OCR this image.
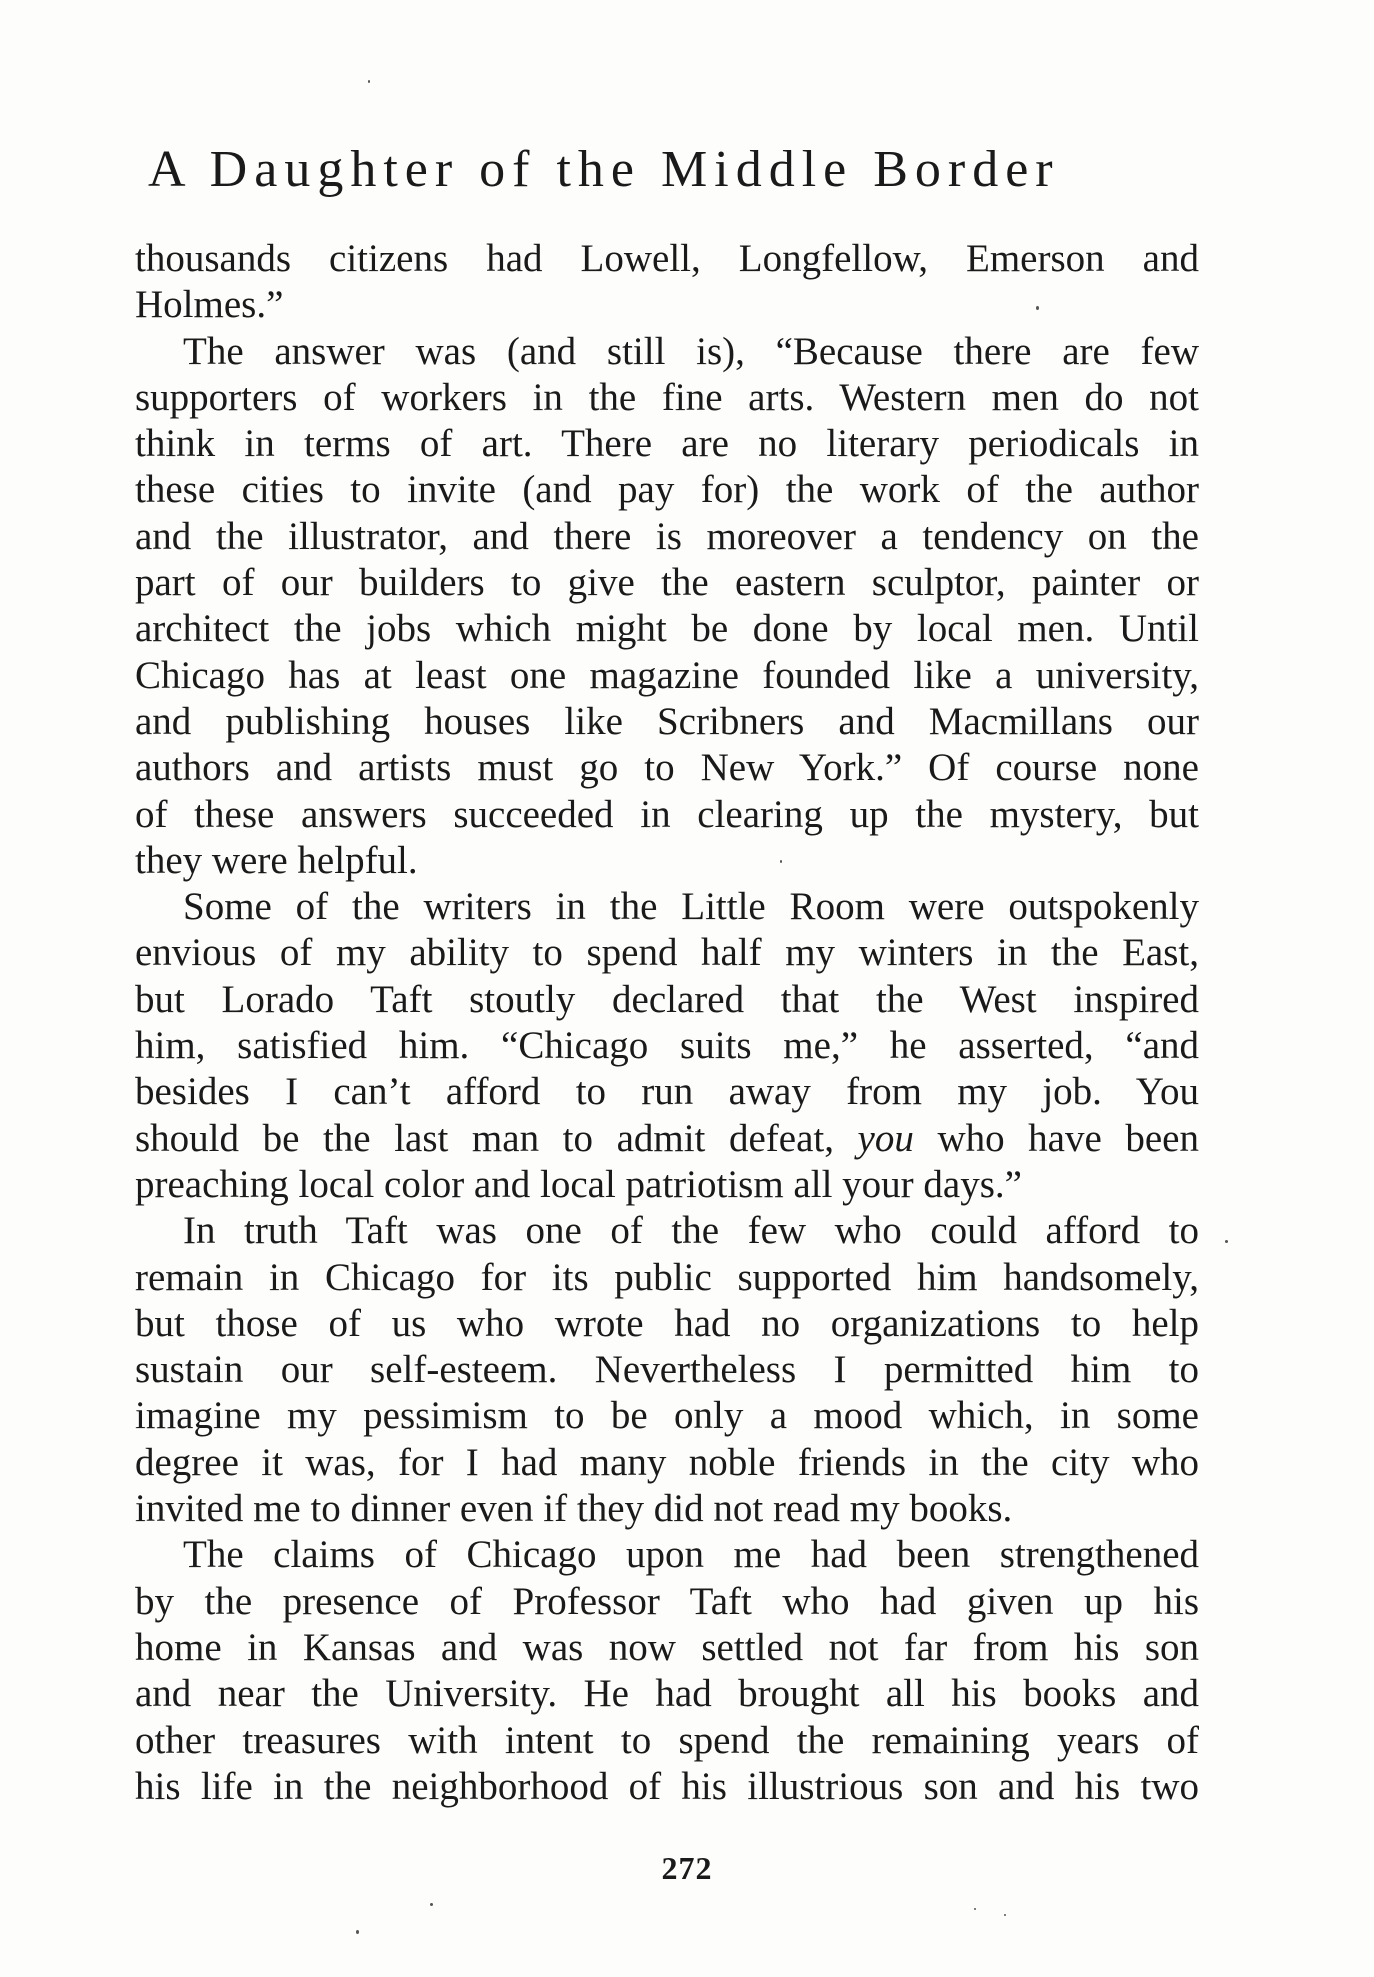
A Daughter of the Middle Border
thousands citizens had Lowell, Longfellow, Emerson and
Holmes.”
The answer was (and still is), “Because there are few
supporters of workers in the fine arts. Western men do not
think in terms of art. There are no literary periodicals in
these cities to invite (and pay for) the work of the author
and the illustrator, and there is moreover a tendency on the
part of our builders to give the eastern sculptor, painter or
architect the jobs which might be done by local men. Until
Chicago has at least one magazine founded like a university,
and publishing houses like Scribners and Macmillans our
authors and artists must go to New York.” Of course none
of these answers succeeded in clearing up the mystery, but
they were helpful.
Some of the writers in the Little Room were outspokenly
envious of my ability to spend half my winters in the East,
but Lorado Taft stoutly declared that the West inspired
him, satisfied him. “Chicago suits me,” he asserted, “and
besides I can’t afford to run away from my job. You
should be the last man to admit defeat, you who have been
preaching local color and local patriotism all your days.”
In truth Taft was one of the few who could afford to
remain in Chicago for its public supported him handsomely,
but those of us who wrote had no organizations to help
sustain our self-esteem. Nevertheless I permitted him to
imagine my pessimism to be only a mood which, in some
degree it was, for I had many noble friends in the city who
invited me to dinner even if they did not read my books.
The claims of Chicago upon me had been strengthened
by the presence of Professor Taft who had given up his
home in Kansas and was now settled not far from his son
and near the University. He had brought all his books and
other treasures with intent to spend the remaining years of
his life in the neighborhood of his illustrious son and his two
272
